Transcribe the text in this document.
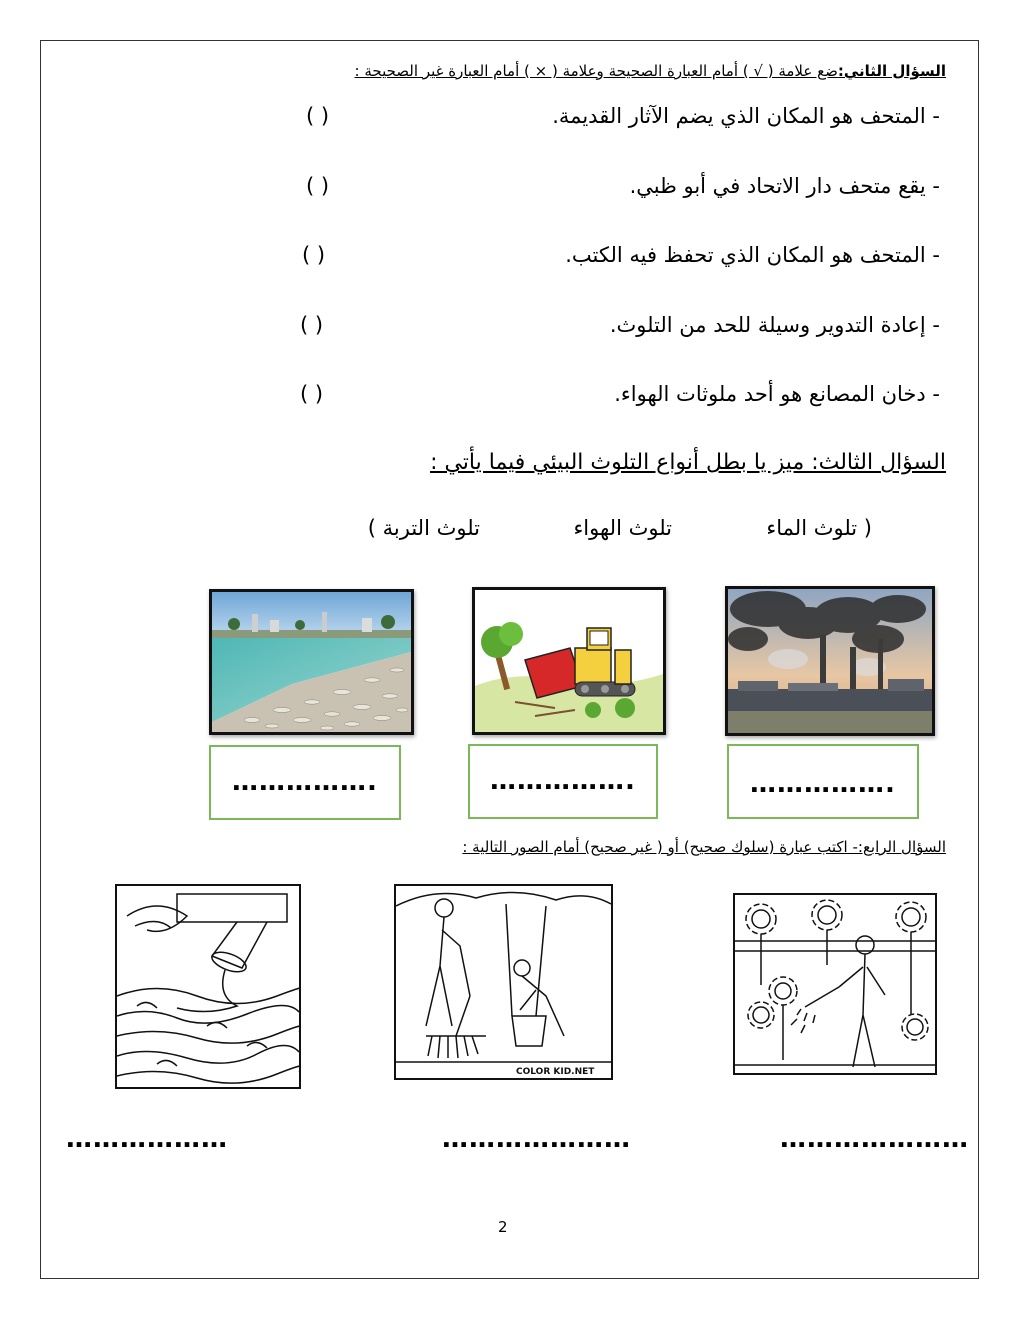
السؤال الثاني:ضع علامة ( √ ) أمام العبارة الصحيحة وعلامة ( × ) أمام العبارة غير الصحيحة :
- المتحف هو المكان الذي يضم الآثار القديمة.
( )
- يقع متحف دار الاتحاد في أبو ظبي.
( )
- المتحف هو المكان الذي تحفظ فيه الكتب.
( )
- إعادة التدوير وسيلة للحد من التلوث.
( )
- دخان المصانع هو أحد ملوثات الهواء.
( )
السؤال الثالث: ميز يا بطل أنواع التلوث البيئي فيما يأتي :
( تلوث الماء
تلوث الهواء
تلوث التربة )
…………….	…………….	…………….
السؤال الرابع:- اكتب عبارة (سلوك صحيح) أو ( غير صحيح) أمام الصور التالية :
COLOR KID.NET
………………	…………………	…………………
2
